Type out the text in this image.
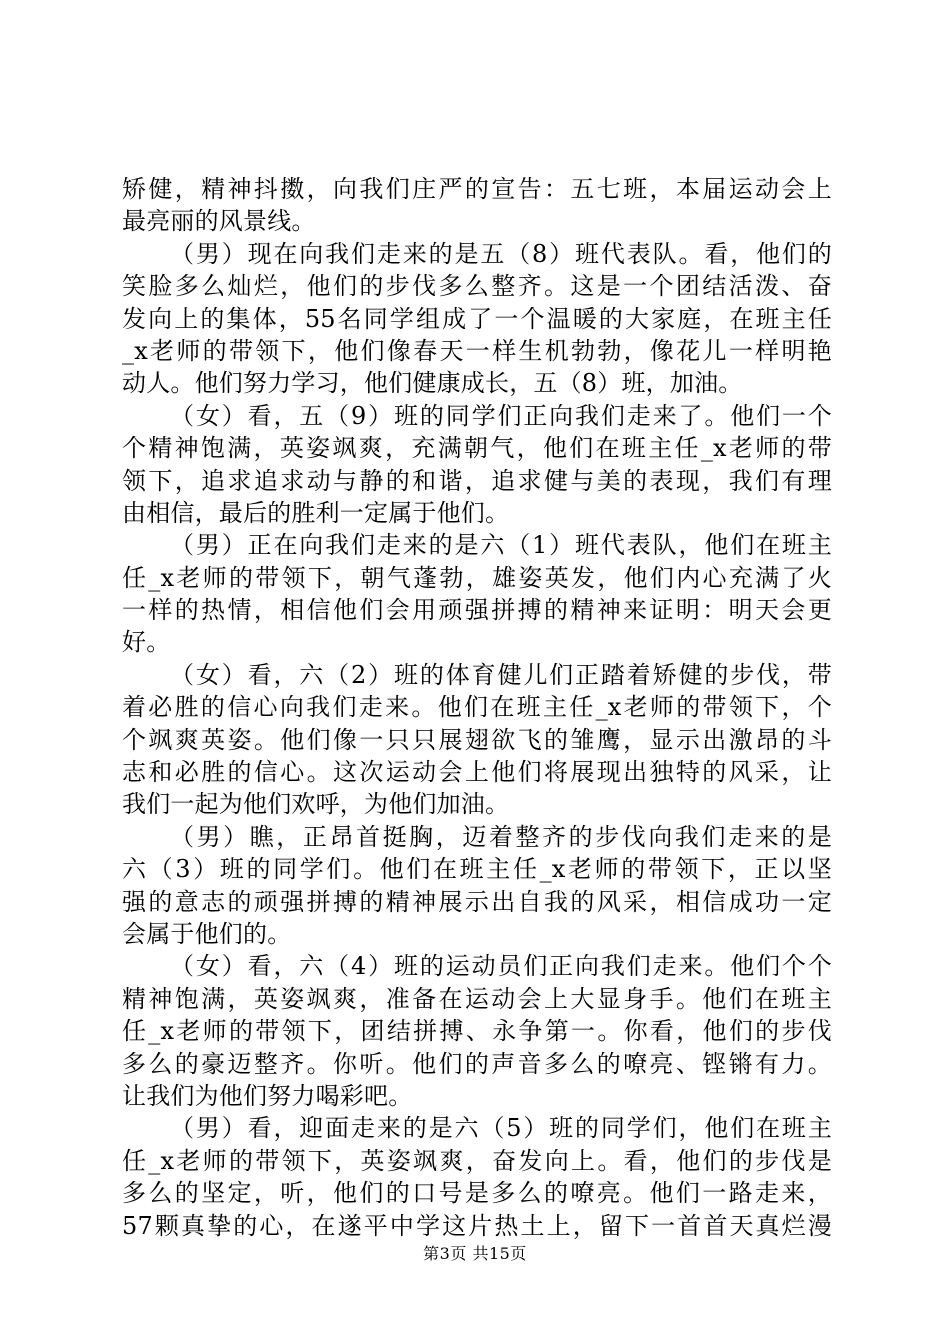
矫健，精神抖擞，向我们庄严的宣告：五七班，本届运动会上
最亮丽的风景线。
（男）现在向我们走来的是五（8）班代表队。看，他们的
笑脸多么灿烂，他们的步伐多么整齐。这是一个团结活泼、奋
发向上的集体，55名同学组成了一个温暖的大家庭，在班主任
_x老师的带领下，他们像春天一样生机勃勃，像花儿一样明艳
动人。他们努力学习，他们健康成长，五（8）班，加油。
（女）看，五（9）班的同学们正向我们走来了。他们一个
个精神饱满，英姿飒爽，充满朝气，他们在班主任_x老师的带
领下，追求追求动与静的和谐，追求健与美的表现，我们有理
由相信，最后的胜利一定属于他们。
（男）正在向我们走来的是六（1）班代表队，他们在班主
任_x老师的带领下，朝气蓬勃，雄姿英发，他们内心充满了火
一样的热情，相信他们会用顽强拼搏的精神来证明：明天会更
好。
（女）看，六（2）班的体育健儿们正踏着矫健的步伐，带
着必胜的信心向我们走来。他们在班主任_x老师的带领下，个
个飒爽英姿。他们像一只只展翅欲飞的雏鹰，显示出激昂的斗
志和必胜的信心。这次运动会上他们将展现出独特的风采，让
我们一起为他们欢呼，为他们加油。
（男）瞧，正昂首挺胸，迈着整齐的步伐向我们走来的是
六（3）班的同学们。他们在班主任_x老师的带领下，正以坚
强的意志的顽强拼搏的精神展示出自我的风采，相信成功一定
会属于他们的。
（女）看，六（4）班的运动员们正向我们走来。他们个个
精神饱满，英姿飒爽，准备在运动会上大显身手。他们在班主
任_x老师的带领下，团结拼搏、永争第一。你看，他们的步伐
多么的豪迈整齐。你听。他们的声音多么的嘹亮、铿锵有力。
让我们为他们努力喝彩吧。
（男）看，迎面走来的是六（5）班的同学们，他们在班主
任_x老师的带领下，英姿飒爽，奋发向上。看，他们的步伐是
多么的坚定，听，他们的口号是多么的嘹亮。他们一路走来，
57颗真挚的心，在遂平中学这片热土上，留下一首首天真烂漫
第3页 共15页
